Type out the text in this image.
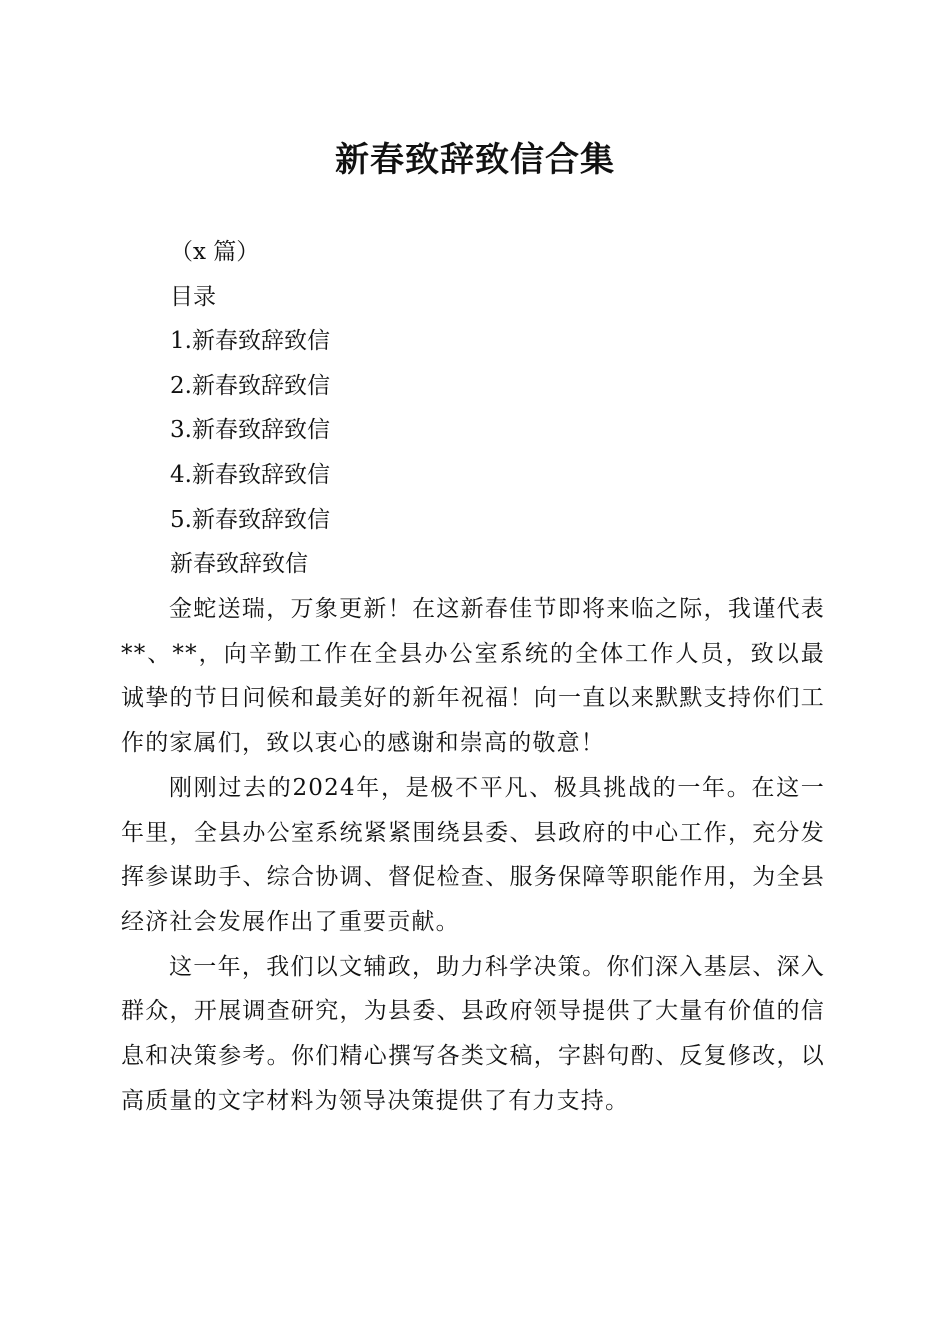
新春致辞致信合集
（x 篇）
目录
1.新春致辞致信
2.新春致辞致信
3.新春致辞致信
4.新春致辞致信
5.新春致辞致信
新春致辞致信

金蛇送瑞，万象更新！在这新春佳节即将来临之际，我谨代表**、**，向辛勤工作在全县办公室系统的全体工作人员，致以最诚挚的节日问候和最美好的新年祝福！向一直以来默默支持你们工作的家属们，致以衷心的感谢和崇高的敬意！

刚刚过去的2024年，是极不平凡、极具挑战的一年。在这一年里，全县办公室系统紧紧围绕县委、县政府的中心工作，充分发挥参谋助手、综合协调、督促检查、服务保障等职能作用，为全县经济社会发展作出了重要贡献。

这一年，我们以文辅政，助力科学决策。你们深入基层、深入群众，开展调查研究，为县委、县政府领导提供了大量有价值的信息和决策参考。你们精心撰写各类文稿，字斟句酌、反复修改，以高质量的文字材料为领导决策提供了有力支持。
